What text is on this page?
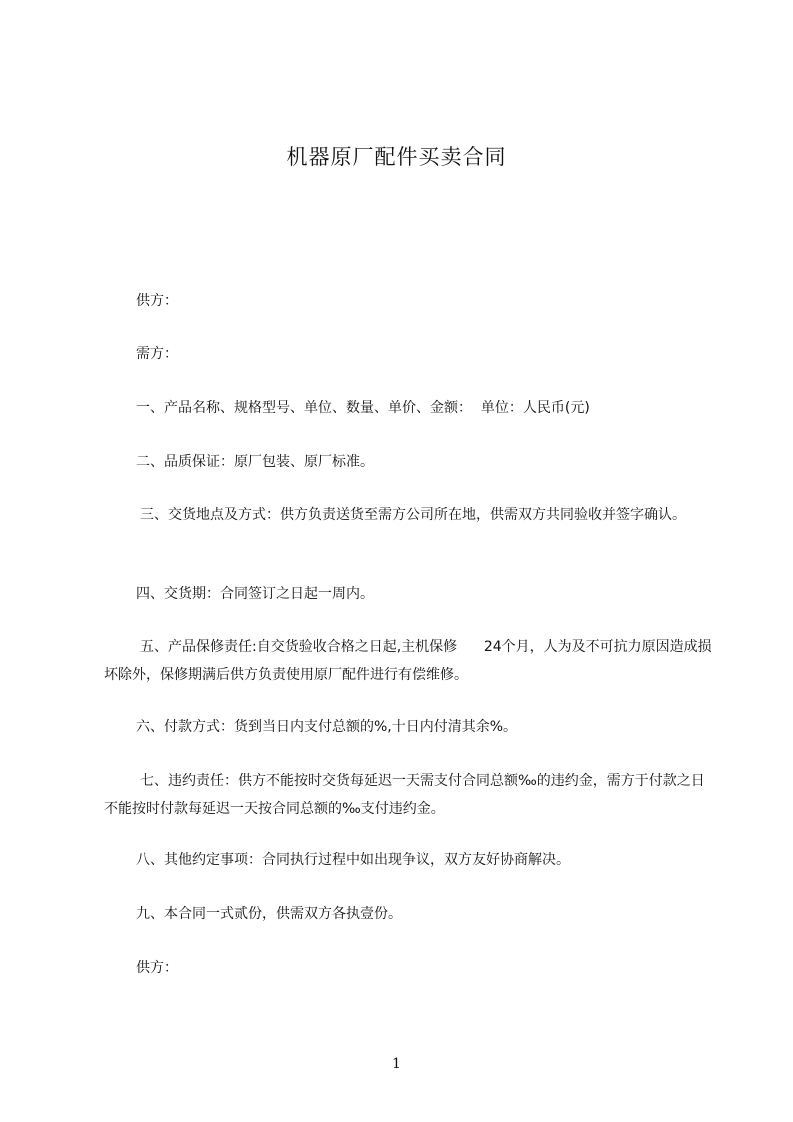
机器原厂配件买卖合同

供方：

需方：

一、产品名称、规格型号、单位、数量、单价、金额：  单位：人民币(元)

二、品质保证：原厂包装、原厂标准。

三、交货地点及方式：供方负责送货至需方公司所在地，供需双方共同验收并签字确认。

四、交货期：合同签订之日起一周内。

五、产品保修责任:自交货验收合格之日起,主机保修      24个月，人为及不可抗力原因造成损坏除外，保修期满后供方负责使用原厂配件进行有偿维修。

六、付款方式：货到当日内支付总额的%,十日内付清其余%。

七、违约责任：供方不能按时交货每延迟一天需支付合同总额‰的违约金，需方于付款之日不能按时付款每延迟一天按合同总额的‰支付违约金。

八、其他约定事项：合同执行过程中如出现争议，双方友好协商解决。

九、本合同一式贰份，供需双方各执壹份。

供方：

1
